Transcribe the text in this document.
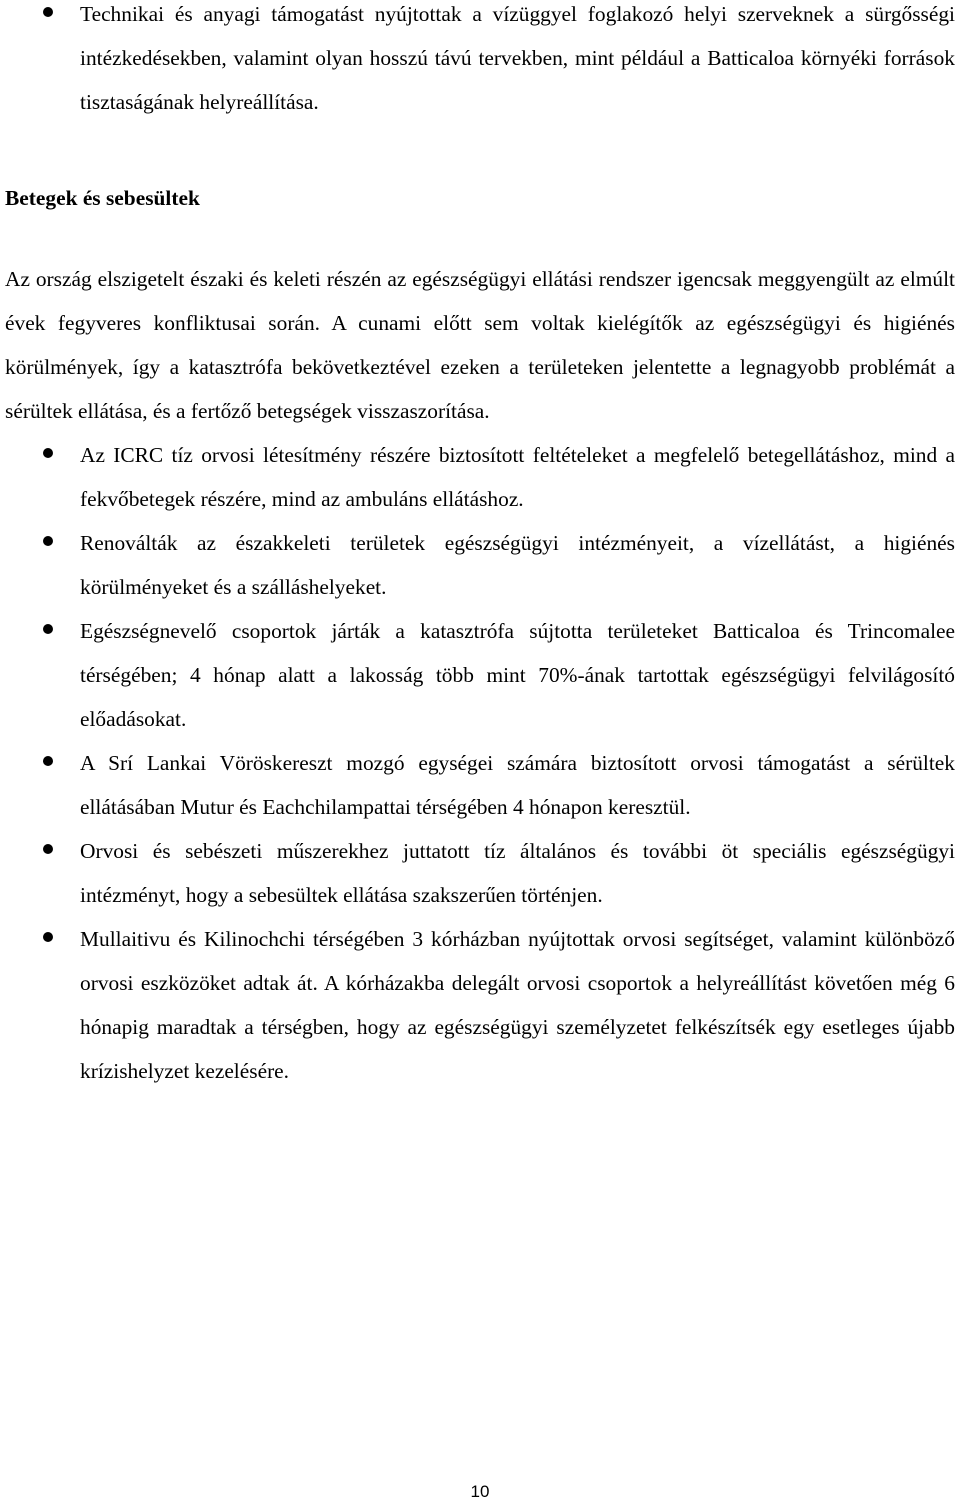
Technikai és anyagi támogatást nyújtottak a vízüggyel foglakozó helyi szerveknek a sürgősségi intézkedésekben, valamint olyan hosszú távú tervekben, mint például a Batticaloa környéki források tisztaságának helyreállítása.
Betegek és sebesültek
Az ország elszigetelt északi és keleti részén az egészségügyi ellátási rendszer igencsak meggyengült az elmúlt évek fegyveres konfliktusai során. A cunami előtt sem voltak kielégítők az egészségügyi és higiénés körülmények, így a katasztrófa bekövetkeztével ezeken a területeken jelentette a legnagyobb problémát a sérültek ellátása, és a fertőző betegségek visszaszorítása.
Az ICRC tíz orvosi létesítmény részére biztosított feltételeket a megfelelő betegellátáshoz, mind a fekvőbetegek részére, mind az ambuláns ellátáshoz.
Renoválták az északkeleti területek egészségügyi intézményeit, a vízellátást, a higiénés körülményeket és a szálláshelyeket.
Egészségnevelő csoportok járták a katasztrófa sújtotta területeket Batticaloa és Trincomalee térségében; 4 hónap alatt a lakosság több mint 70%-ának tartottak egészségügyi felvilágosító előadásokat.
A Srí Lankai Vöröskereszt mozgó egységei számára biztosított orvosi támogatást a sérültek ellátásában Mutur és Eachchilampattai térségében 4 hónapon keresztül.
Orvosi és sebészeti műszerekhez juttatott tíz általános és további öt speciális egészségügyi intézményt, hogy a sebesültek ellátása szakszerűen történjen.
Mullaitivu és Kilinochchi térségében 3 kórházban nyújtottak orvosi segítséget, valamint különböző orvosi eszközöket adtak át. A kórházakba delegált orvosi csoportok a helyreállítást követően még 6 hónapig maradtak a térségben, hogy az egészségügyi személyzetet felkészítsék egy esetleges újabb krízishelyzet kezelésére.
10
